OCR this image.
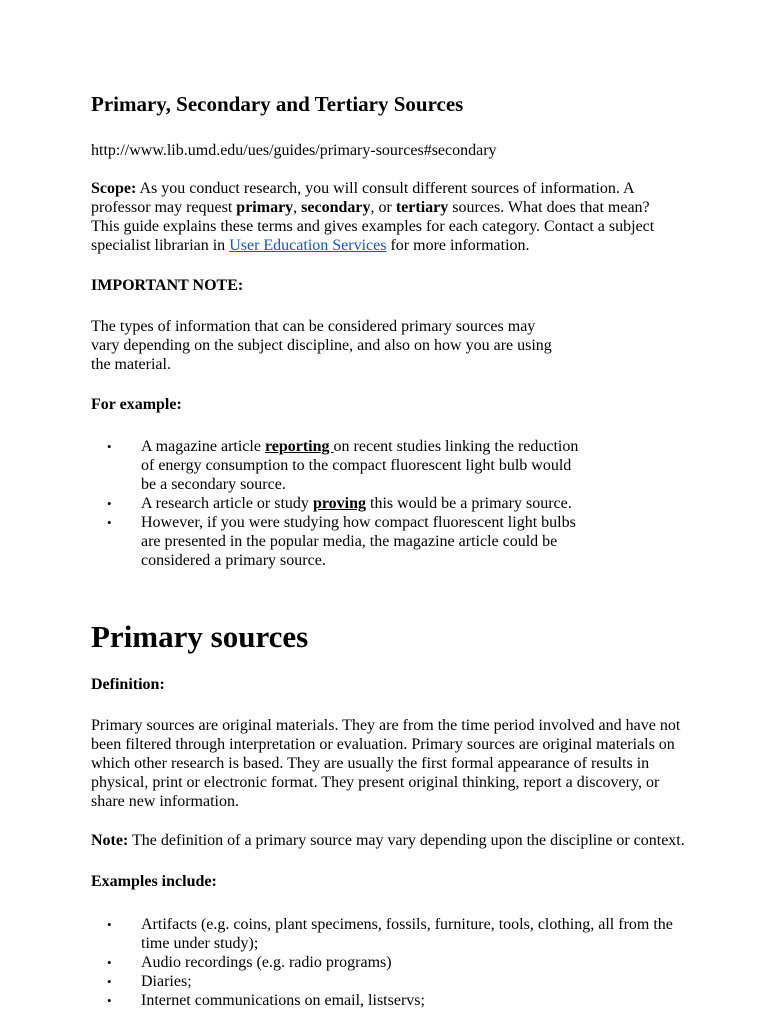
Primary, Secondary and Tertiary Sources

http://www.lib.umd.edu/ues/guides/primary-sources#secondary

Scope: As you conduct research, you will consult different sources of information. A professor may request primary, secondary, or tertiary sources. What does that mean? This guide explains these terms and gives examples for each category. Contact a subject specialist librarian in User Education Services for more information.

IMPORTANT NOTE:

The types of information that can be considered primary sources may vary depending on the subject discipline, and also on how you are using the material.

For example:

• A magazine article reporting on recent studies linking the reduction of energy consumption to the compact fluorescent light bulb would be a secondary source.
• A research article or study proving this would be a primary source.
• However, if you were studying how compact fluorescent light bulbs are presented in the popular media, the magazine article could be considered a primary source.
Primary sources

Definition:

Primary sources are original materials. They are from the time period involved and have not been filtered through interpretation or evaluation. Primary sources are original materials on which other research is based. They are usually the first formal appearance of results in physical, print or electronic format. They present original thinking, report a discovery, or share new information.

Note: The definition of a primary source may vary depending upon the discipline or context.

Examples include:

• Artifacts (e.g. coins, plant specimens, fossils, furniture, tools, clothing, all from the time under study);
• Audio recordings (e.g. radio programs)
• Diaries;
• Internet communications on email, listservs;
